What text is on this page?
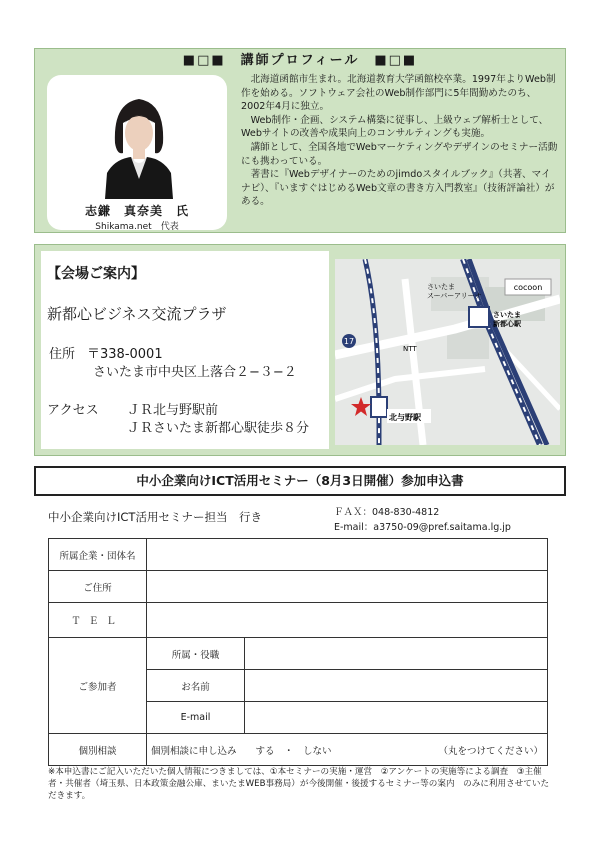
■□■　講師プロフィール　■□■
志鎌　真奈美　氏
Shikama.net　代表

北海道函館市生まれ。北海道教育大学函館校卒業。1997年よりWeb制作を始める。ソフトウェア会社のWeb制作部門に5年間勤めたのち、2002年4月に独立。

Web制作・企画、システム構築に従事し、上級ウェブ解析士として、Webサイトの改善や成果向上のコンサルティングも実施。

講師として、全国各地でWebマーケティングやデザインのセミナー活動にも携わっている。

著書に『Webデザイナーのためのjimdoスタイルブック』（共著、マイナビ）、『いますぐはじめるWeb文章の書き方入門教室』（技術評論社）がある。

【会場ご案内】
新都心ビジネス交流プラザ
住所 〒338-0001
さいたま市中央区上落合２−３−２
アクセス ＪＲ北与野駅前
ＪＲさいたま新都心駅徒歩８分
17
cocoon
さいたまスーパーアリーナ
さいたま新都心駅
NTT
北与野駅
中小企業向けICT活用セミナー（8月3日開催）参加申込書
中小企業向けICT活用セミナー担当　行き	ＦＡＸ：048-830-4812
E-mail：a3750-09@pref.saitama.lg.jp
所属企業・団体名		
ご住所		
ＴＥＬ		
ご参加者	所属・役職	
	お名前	
	E-mail	
個別相談	個別相談に申し込み　　する　・　しない （丸をつけてください）	
※本申込書にご記入いただいた個人情報につきましては、①本セミナーの実施・運営　②アンケートの実施等による調査　③主催者・共催者（埼玉県、日本政策金融公庫、まいたまWEB事務局）が今後開催・後援するセミナー等の案内　のみに利用させていただきます。
